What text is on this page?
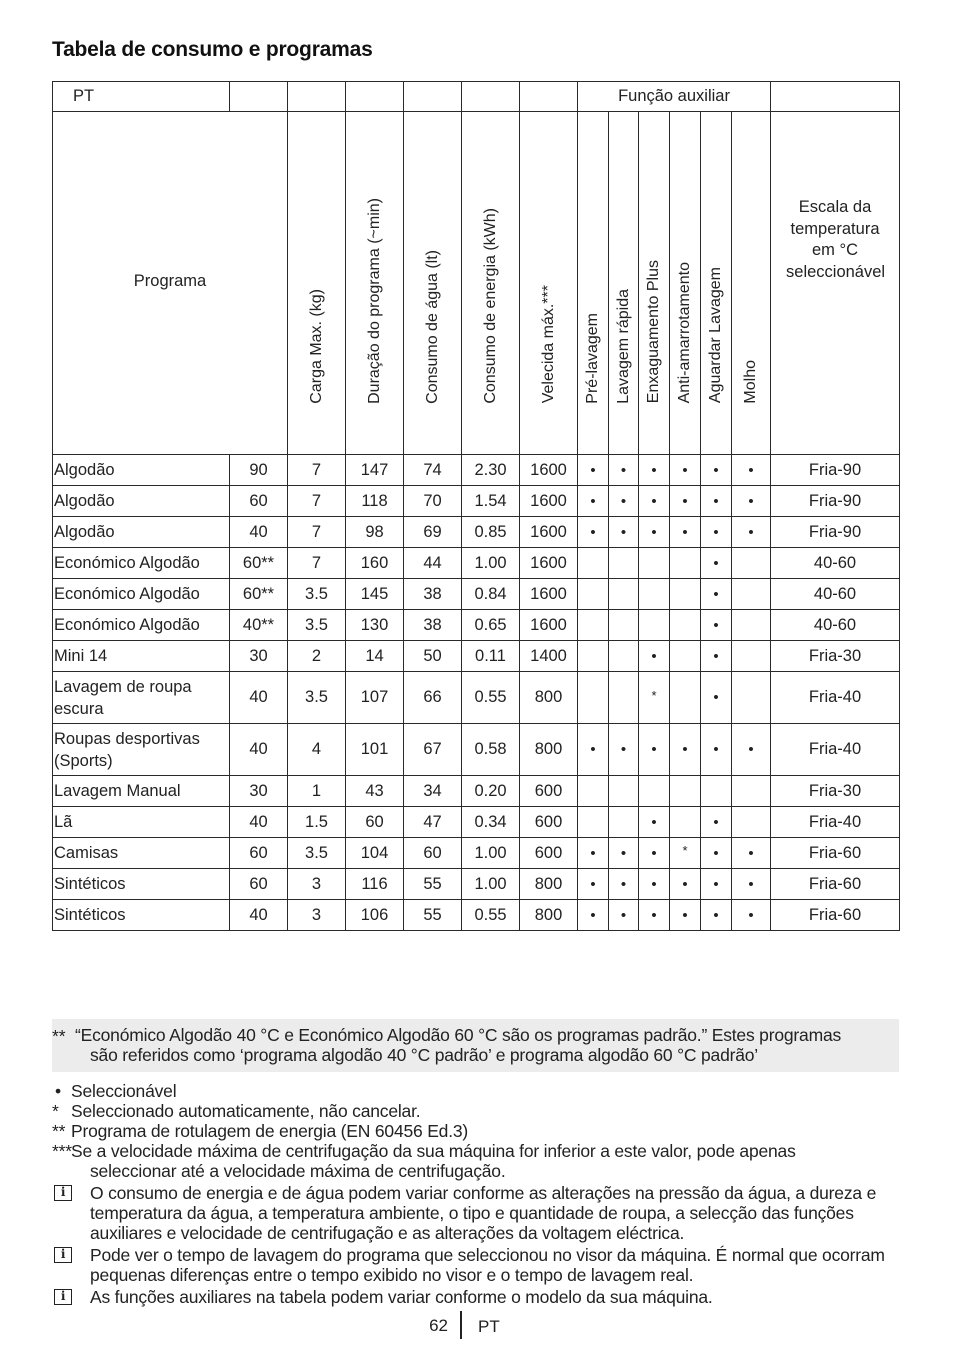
Tabela de consumo e programas
PT							Função auxiliar						
Programa		Carga Max. (kg)	Duração do programa (~min)	Consumo de água (lt)	Consumo de energia (kWh)	Velecida máx.***	Pré-lavagem	Lavagem rápida	Enxaguamento Plus	Anti-amarrotamento	Aguardar Lavagem	Molho	Escala da temperatura em °C seleccionável

Algodão	90	7	147	74	2.30	1600	•	•	•	•	•	•	Fria-90
Algodão	60	7	118	70	1.54	1600	•	•	•	•	•	•	Fria-90
Algodão	40	7	98	69	0.85	1600	•	•	•	•	•	•	Fria-90
Económico Algodão	60**	7	160	44	1.00	1600					•		40-60
Económico Algodão	60**	3.5	145	38	0.84	1600					•		40-60
Económico Algodão	40**	3.5	130	38	0.65	1600					•		40-60
Mini 14	30	2	14	50	0.11	1400			•		•		Fria-30
Lavagem de roupa escura	40	3.5	107	66	0.55	800			*		•		Fria-40
Roupas desportivas (Sports)	40	4	101	67	0.58	800	•	•	•	•	•	•	Fria-40
Lavagem Manual	30	1	43	34	0.20	600							Fria-30
Lã	40	1.5	60	47	0.34	600			•		•		Fria-40
Camisas	60	3.5	104	60	1.00	600	•	•	•	*	•	•	Fria-60
Sintéticos	60	3	116	55	1.00	800	•	•	•	•	•	•	Fria-60
Sintéticos	40	3	106	55	0.55	800	•	•	•	•	•	•	Fria-60
** “Económico Algodão 40 °C e Económico Algodão 60 °C são os programas padrão.” Estes programas
são referidos como ‘programa algodão 40 °C padrão’ e programa algodão 60 °C padrão’
• Seleccionável
* Seleccionado automaticamente, não cancelar.
** Programa de rotulagem de energia (EN 60456 Ed.3)
*** Se a velocidade máxima de centrifugação da sua máquina for inferior a este valor, pode apenas
seleccionar até a velocidade máxima de centrifugação.
i	O consumo de energia e de água podem variar conforme as alterações na pressão da água, a dureza e temperatura da água, a temperatura ambiente, o tipo e quantidade de roupa, a selecção das funções auxiliares e velocidade de centrifugação e as alterações da voltagem eléctrica.
i	Pode ver o tempo de lavagem do programa que seleccionou no visor da máquina. É normal que ocorram pequenas diferenças entre o tempo exibido no visor e o tempo de lavagem real.
i	As funções auxiliares na tabela podem variar conforme o modelo da sua máquina.
62 PT
